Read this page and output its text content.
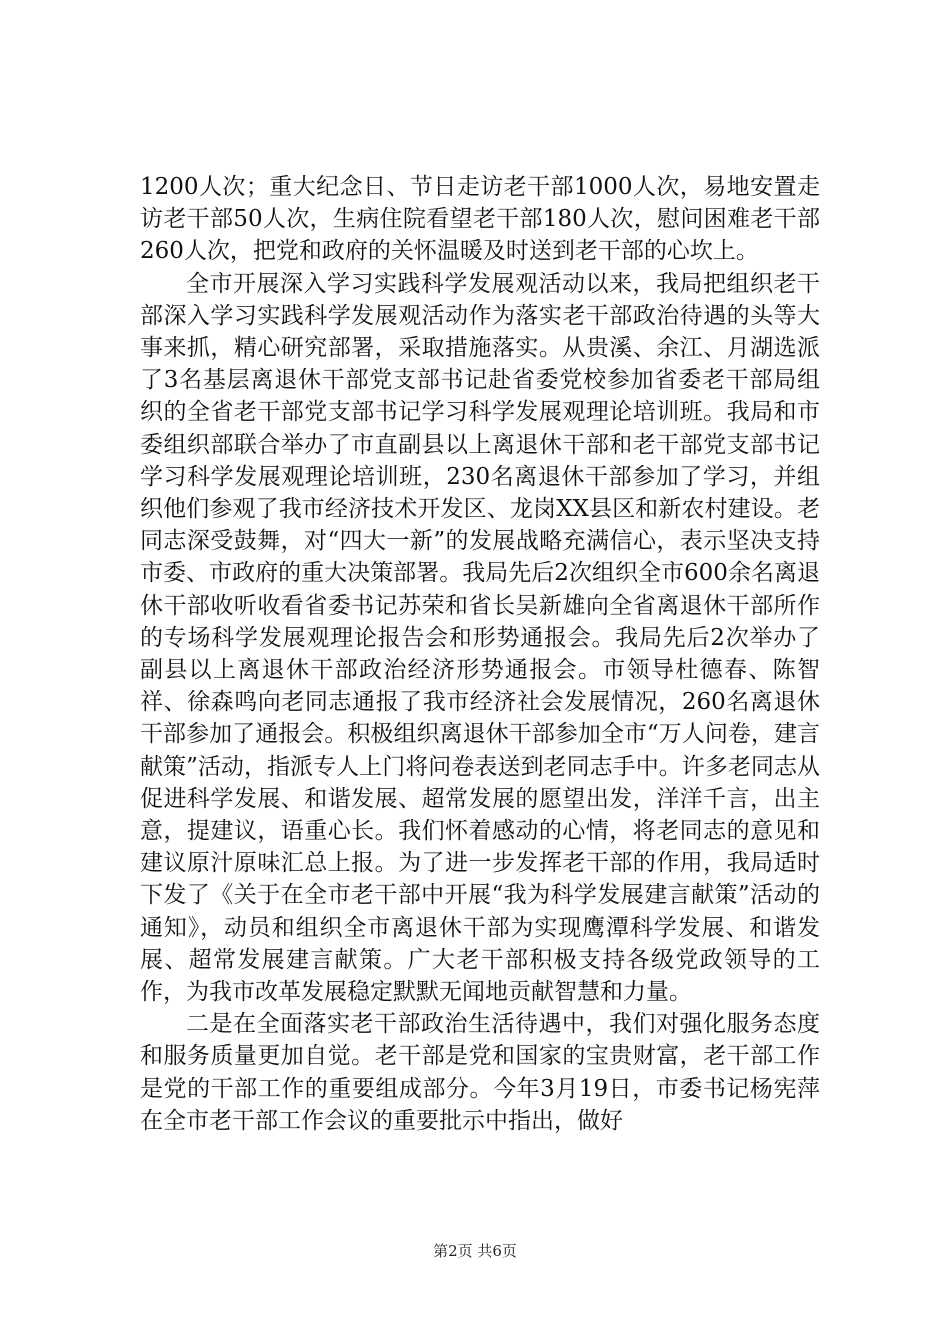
1200人次；重大纪念日、节日走访老干部1000人次，易地安置走访老干部50人次，生病住院看望老干部180人次，慰问困难老干部260人次，把党和政府的关怀温暖及时送到老干部的心坎上。

全市开展深入学习实践科学发展观活动以来，我局把组织老干部深入学习实践科学发展观活动作为落实老干部政治待遇的头等大事来抓，精心研究部署，采取措施落实。从贵溪、余江、月湖选派了3名基层离退休干部党支部书记赴省委党校参加省委老干部局组织的全省老干部党支部书记学习科学发展观理论培训班。我局和市委组织部联合举办了市直副县以上离退休干部和老干部党支部书记学习科学发展观理论培训班，230名离退休干部参加了学习，并组织他们参观了我市经济技术开发区、龙岗XX县区和新农村建设。老同志深受鼓舞，对“四大一新”的发展战略充满信心，表示坚决支持市委、市政府的重大决策部署。我局先后2次组织全市600余名离退休干部收听收看省委书记苏荣和省长吴新雄向全省离退休干部所作的专场科学发展观理论报告会和形势通报会。我局先后2次举办了副县以上离退休干部政治经济形势通报会。市领导杜德春、陈智祥、徐森鸣向老同志通报了我市经济社会发展情况，260名离退休干部参加了通报会。积极组织离退休干部参加全市“万人问卷，建言献策”活动，指派专人上门将问卷表送到老同志手中。许多老同志从促进科学发展、和谐发展、超常发展的愿望出发，洋洋千言，出主意，提建议，语重心长。我们怀着感动的心情，将老同志的意见和建议原汁原味汇总上报。为了进一步发挥老干部的作用，我局适时下发了《关于在全市老干部中开展“我为科学发展建言献策”活动的通知》，动员和组织全市离退休干部为实现鹰潭科学发展、和谐发展、超常发展建言献策。广大老干部积极支持各级党政领导的工作，为我市改革发展稳定默默无闻地贡献智慧和力量。

二是在全面落实老干部政治生活待遇中，我们对强化服务态度和服务质量更加自觉。老干部是党和国家的宝贵财富，老干部工作是党的干部工作的重要组成部分。今年3月19日，市委书记杨宪萍在全市老干部工作会议的重要批示中指出，做好

第2页 共6页
